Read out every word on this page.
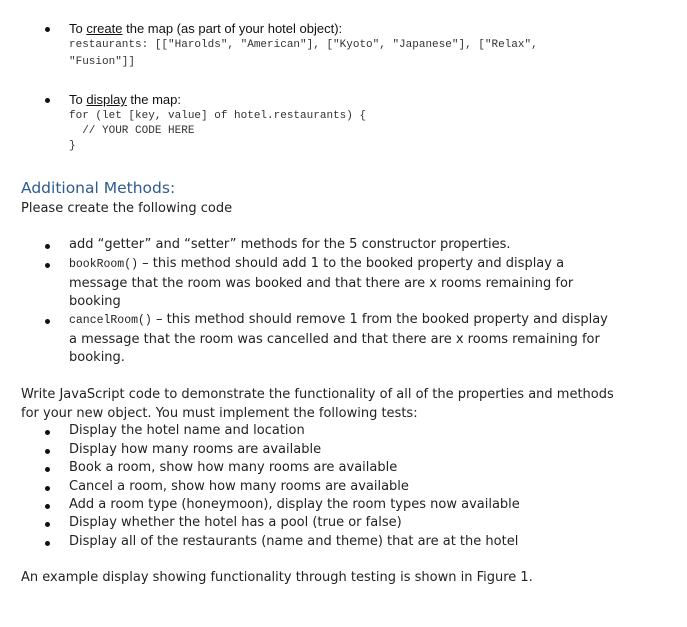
To create the map (as part of your hotel object):
restaurants: [["Harolds", "American"], ["Kyoto", "Japanese"], ["Relax",
"Fusion"]]
To display the map:
for (let [key, value] of hotel.restaurants) {
// YOUR CODE HERE
}
Additional Methods:
Please create the following code
add “getter” and “setter” methods for the 5 constructor properties.
bookRoom() – this method should add 1 to the booked property and display a
message that the room was booked and that there are x rooms remaining for
booking
cancelRoom() – this method should remove 1 from the booked property and display
a message that the room was cancelled and that there are x rooms remaining for
booking.
Write JavaScript code to demonstrate the functionality of all of the properties and methods
for your new object. You must implement the following tests:
Display the hotel name and location
Display how many rooms are available
Book a room, show how many rooms are available
Cancel a room, show how many rooms are available
Add a room type (honeymoon), display the room types now available
Display whether the hotel has a pool (true or false)
Display all of the restaurants (name and theme) that are at the hotel
An example display showing functionality through testing is shown in Figure 1.
